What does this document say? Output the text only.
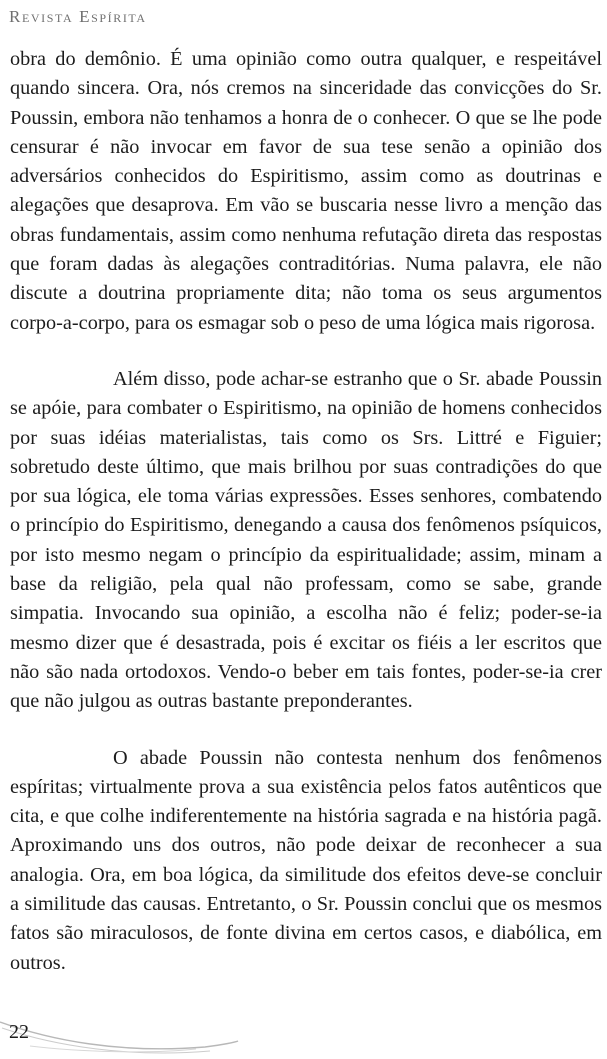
Revista Espírita

obra do demônio. É uma opinião como outra qualquer, e respeitável quando sincera. Ora, nós cremos na sinceridade das convicções do Sr. Poussin, embora não tenhamos a honra de o conhecer. O que se lhe pode censurar é não invocar em favor de sua tese senão a opinião dos adversários conhecidos do Espiritismo, assim como as doutrinas e alegações que desaprova. Em vão se buscaria nesse livro a menção das obras fundamentais, assim como nenhuma refutação direta das respostas que foram dadas às alegações contraditórias. Numa palavra, ele não discute a doutrina propriamente dita; não toma os seus argumentos corpo-a-corpo, para os esmagar sob o peso de uma lógica mais rigorosa.

Além disso, pode achar-se estranho que o Sr. abade Poussin se apóie, para combater o Espiritismo, na opinião de homens conhecidos por suas idéias materialistas, tais como os Srs. Littré e Figuier; sobretudo deste último, que mais brilhou por suas contradições do que por sua lógica, ele toma várias expressões. Esses senhores, combatendo o princípio do Espiritismo, denegando a causa dos fenômenos psíquicos, por isto mesmo negam o princípio da espiritualidade; assim, minam a base da religião, pela qual não professam, como se sabe, grande simpatia. Invocando sua opinião, a escolha não é feliz; poder-se-ia mesmo dizer que é desastrada, pois é excitar os fiéis a ler escritos que não são nada ortodoxos. Vendo-o beber em tais fontes, poder-se-ia crer que não julgou as outras bastante preponderantes.

O abade Poussin não contesta nenhum dos fenômenos espíritas; virtualmente prova a sua existência pelos fatos autênticos que cita, e que colhe indiferentemente na história sagrada e na história pagã. Aproximando uns dos outros, não pode deixar de reconhecer a sua analogia. Ora, em boa lógica, da similitude dos efeitos deve-se concluir a similitude das causas. Entretanto, o Sr. Poussin conclui que os mesmos fatos são miraculosos, de fonte divina em certos casos, e diabólica, em outros.

22
